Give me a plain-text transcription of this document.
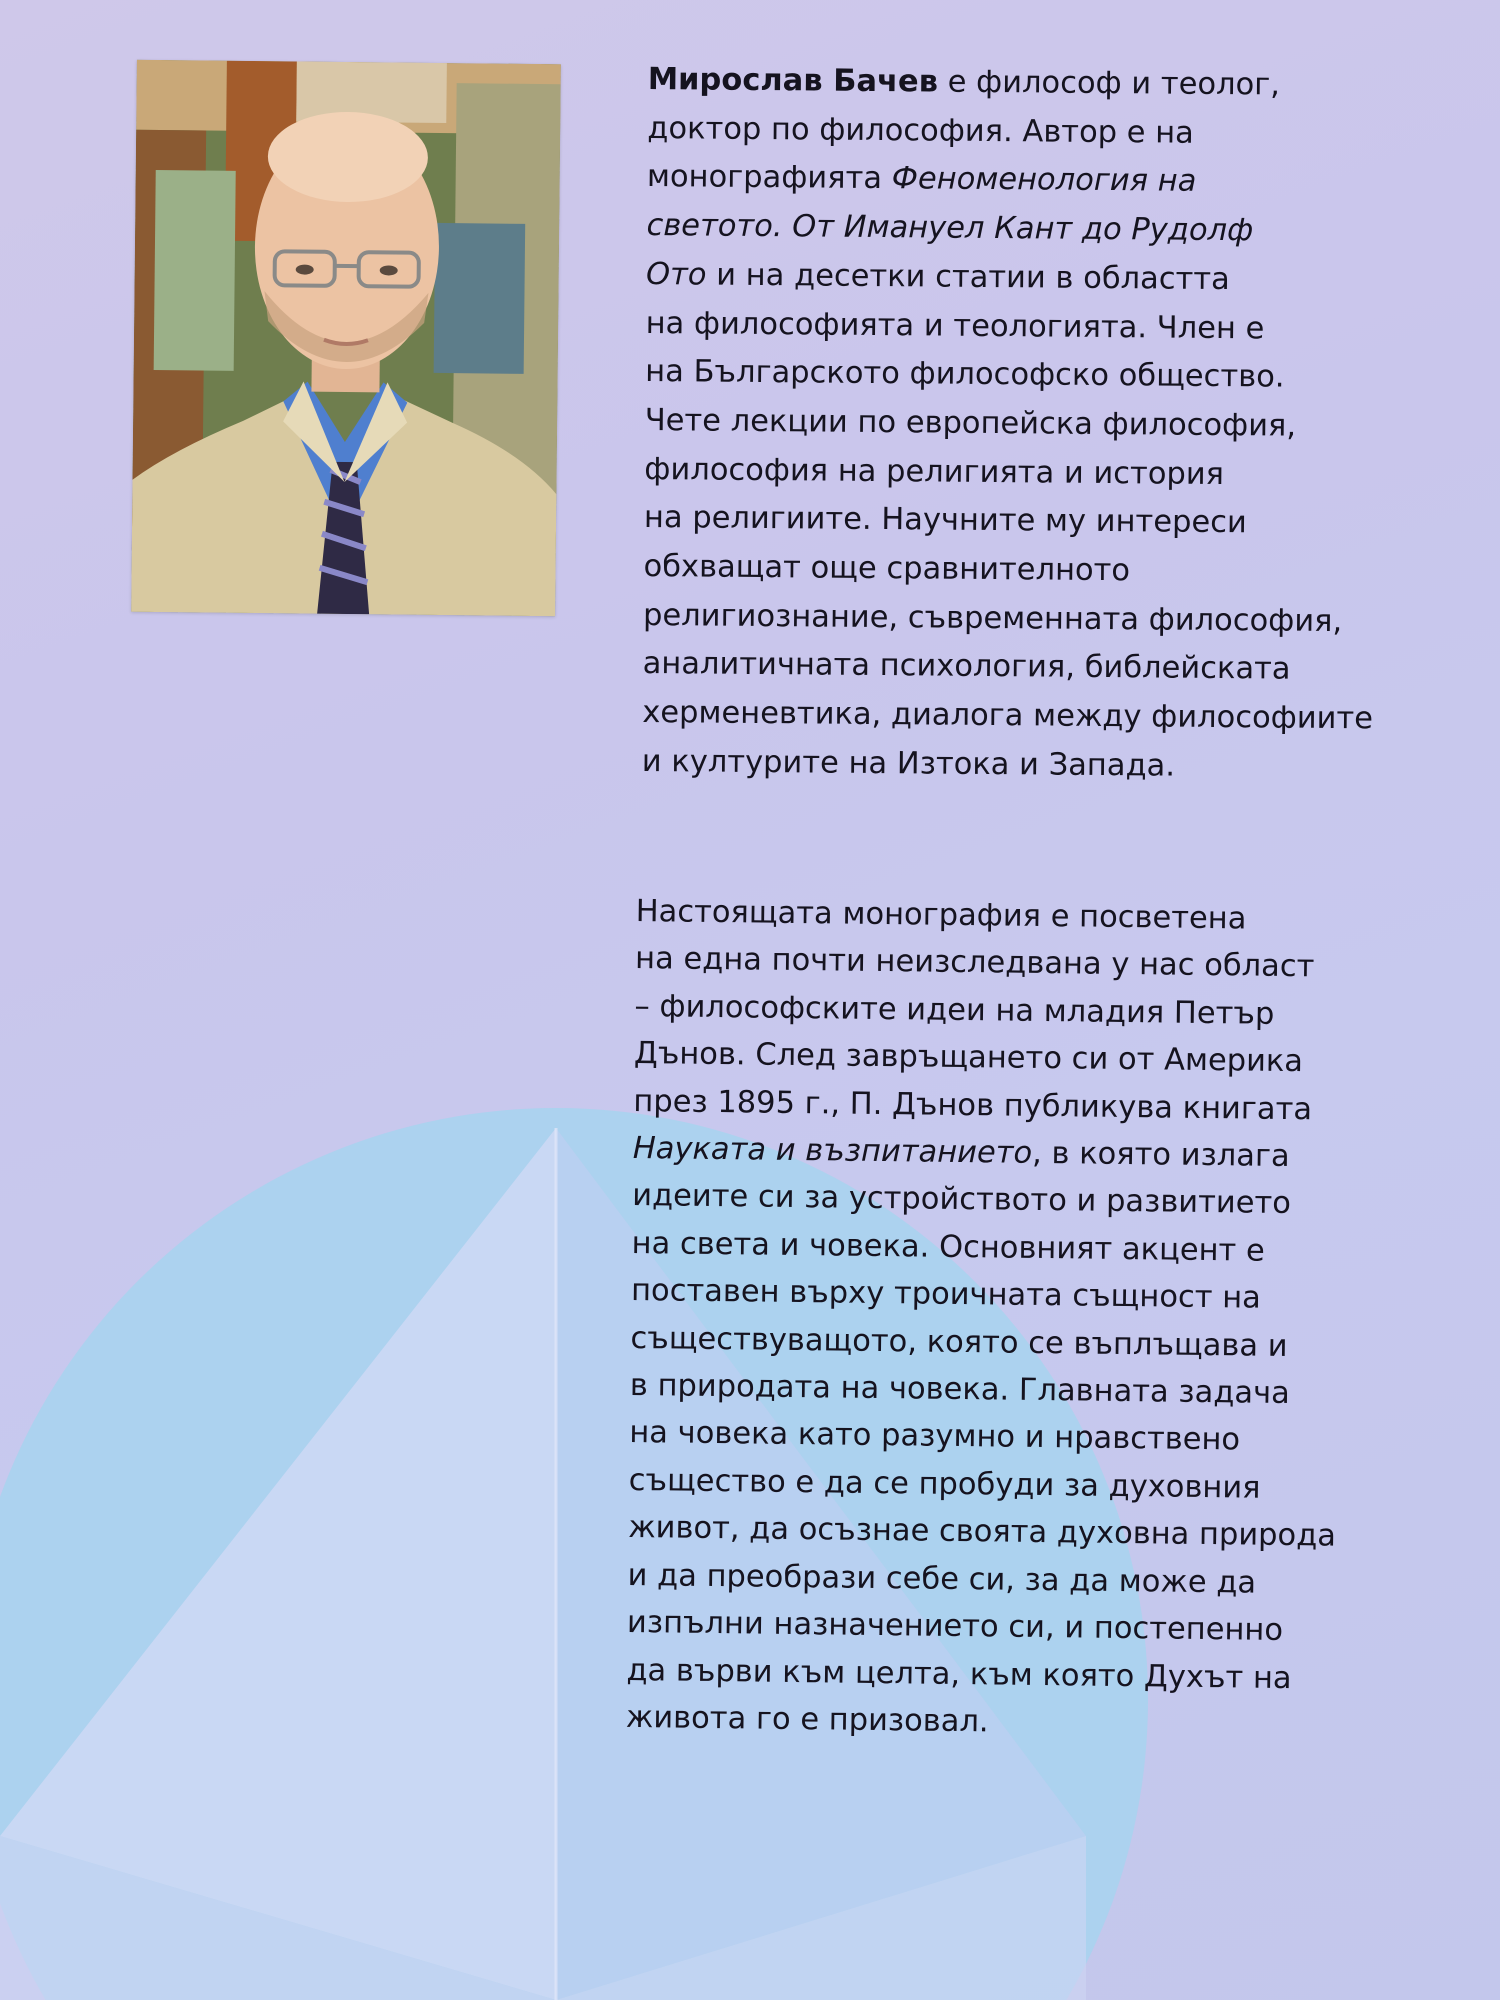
Мирослав Бачев е философ и теолог,

доктор по философия. Автор е на

монографията Феноменология на

светото. От Имануел Кант до Рудолф

Ото и на десетки статии в областта

на философията и теологията. Член е

на Българското философско общество.

Чете лекции по европейска философия,

философия на религията и история

на религиите. Научните му интереси

обхващат още сравнителното

религиознание, съвременната философия,

аналитичната психология, библейската

херменевтика, диалога между философиите

и културите на Изтока и Запада.

Настоящата монография е посветена

на една почти неизследвана у нас област

– философските идеи на младия Петър

Дънов. След завръщането си от Америка

през 1895 г., П. Дънов публикува книгата

Науката и възпитанието, в която излага

идеите си за устройството и развитието

на света и човека. Основният акцент е

поставен върху троичната същност на

съществуващото, която се въплъщава и

в природата на човека. Главната задача

на човека като разумно и нравствено

същество е да се пробуди за духовния

живот, да осъзнае своята духовна природа

и да преобрази себе си, за да може да

изпълни назначението си, и постепенно

да върви към целта, към която Духът на

живота го е призовал.
